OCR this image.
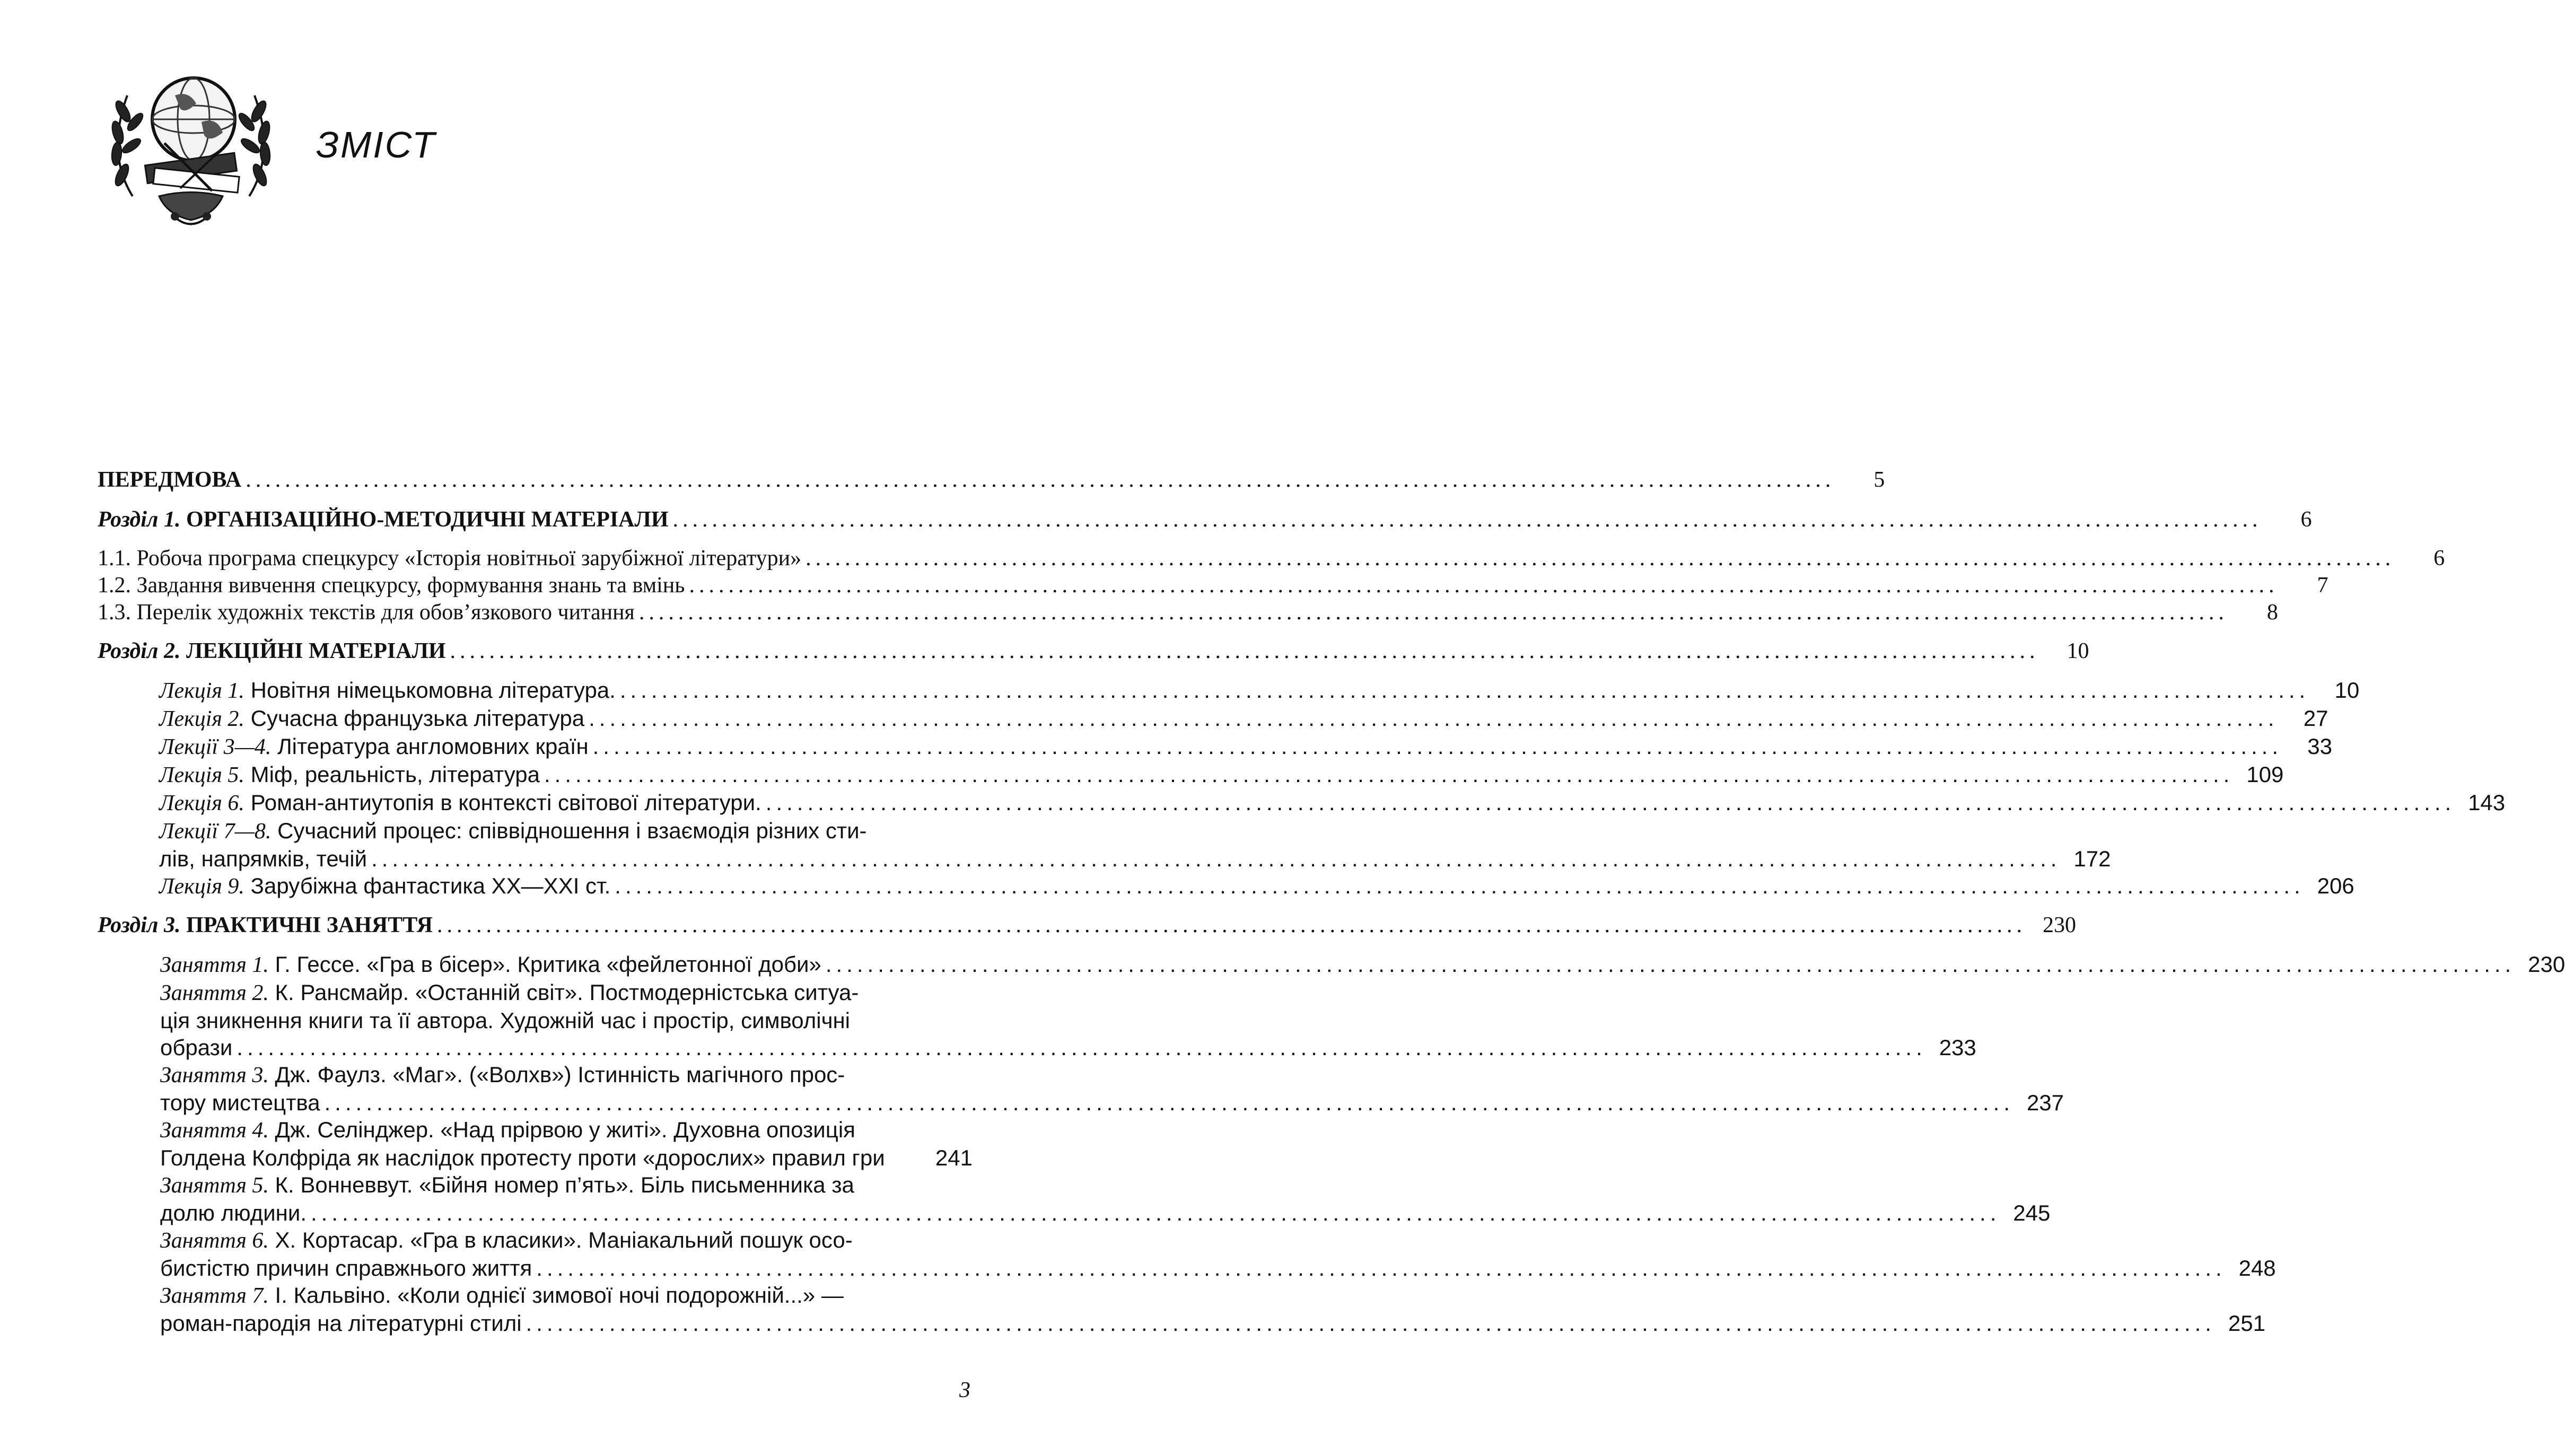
ЗМІСТ
ПЕРЕДМОВА ..................................................................................................................................................................	5
Розділ 1. ОРГАНІЗАЦІЙНО-МЕТОДИЧНІ МАТЕРІАЛИ ..................................................................................................................................................................	6
1.1. Робоча програма спецкурсу «Історія новітньої зарубіжної літератури» ..................................................................................................................................................................	6
1.2. Завдання вивчення спецкурсу, формування знань та вмінь ..................................................................................................................................................................	7
1.3. Перелік художніх текстів для обов’язкового читання ..................................................................................................................................................................	8
Розділ 2. ЛЕКЦІЙНІ МАТЕРІАЛИ ..................................................................................................................................................................	10
Лекція 1. Новітня німецькомовна література. ..................................................................................................................................................................	10
Лекція 2. Сучасна французька література ..................................................................................................................................................................	27
Лекції 3—4. Література англомовних країн ..................................................................................................................................................................	33
Лекція 5. Міф, реальність, література .................................................................................................................................................................. 109
Лекція 6. Роман-антиутопія в контексті світової літератури. .................................................................................................................................................................. 143
Лекції 7—8. Сучасний процес: співвідношення і взаємодія різних сти-
лів, напрямків, течій .................................................................................................................................................................. 172
Лекція 9. Зарубіжна фантастика XX—XXI ст. .................................................................................................................................................................. 206
Розділ 3. ПРАКТИЧНІ ЗАНЯТТЯ .................................................................................................................................................................. 230
Заняття 1. Г. Гессе. «Гра в бісер». Критика «фейлетонної доби» .................................................................................................................................................................. 230
Заняття 2. К. Рансмайр. «Останній світ». Постмодерністська ситуа-
ція зникнення книги та її автора. Художній час і простір, символічні
образи .................................................................................................................................................................. 233
Заняття 3. Дж. Фаулз. «Маг». («Волхв») Істинність магічного прос-
тору мистецтва .................................................................................................................................................................. 237
Заняття 4. Дж. Селінджер. «Над прірвою у житі». Духовна опозиція
Голдена Колфріда як наслідок протесту проти «дорослих» правил гри 241
Заняття 5. К. Вонневвут. «Бійня номер п’ять». Біль письменника за
долю людини. .................................................................................................................................................................. 245
Заняття 6. Х. Кортасар. «Гра в класики». Маніакальний пошук осо-
бистістю причин справжнього життя .................................................................................................................................................................. 248
Заняття 7. І. Кальвіно. «Коли однієї зимової ночі подорожній...» —
роман-пародія на літературні стилі .................................................................................................................................................................. 251
3
